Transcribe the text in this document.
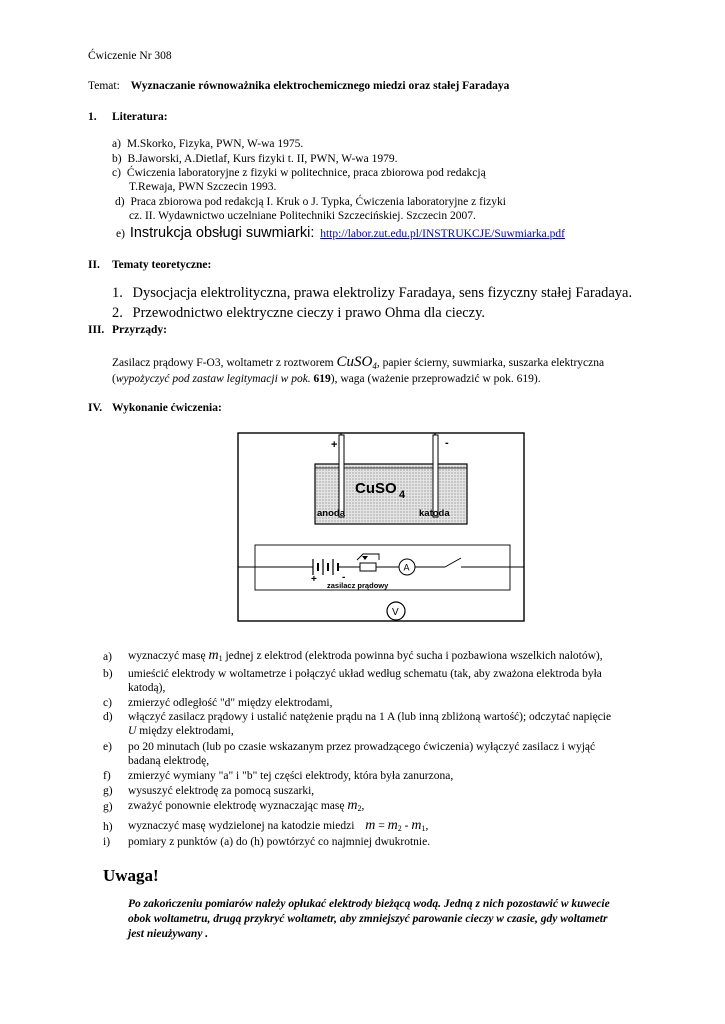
Ćwiczenie Nr 308
Temat: Wyznaczanie równoważnika elektrochemicznego miedzi oraz stałej Faradaya
1. Literatura:
a) M.Skorko, Fizyka, PWN, W-wa 1975.
b) B.Jaworski, A.Dietlaf, Kurs fizyki t. II, PWN, W-wa 1979.
c) Ćwiczenia laboratoryjne z fizyki w politechnice, praca zbiorowa pod redakcją
T.Rewaja, PWN Szczecin 1993.
d) Praca zbiorowa pod redakcją I. Kruk o J. Typka, Ćwiczenia laboratoryjne z fizyki
cz. II. Wydawnictwo uczelniane Politechniki Szczecińskiej. Szczecin 2007.
e) Instrukcja obsługi suwmiarki: http://labor.zut.edu.pl/INSTRUKCJE/Suwmiarka.pdf
II. Tematy teoretyczne:
1. Dysocjacja elektrolityczna, prawa elektrolizy Faradaya, sens fizyczny stałej Faradaya.
2. Przewodnictwo elektryczne cieczy i prawo Ohma dla cieczy.
III. Przyrządy:
Zasilacz prądowy F-O3, woltametr z roztworem CuSO$_4$, papier ścierny, suwmiarka, suszarka elektryczna
(wypożyczyć pod zastaw legitymacji w pok. 619), waga (ważenie przeprowadzić w pok. 619).
IV. Wykonanie ćwiczenia:
+	-
CuSO 4
anoda	katoda
A
+	-
zasilacz prądowy
V
a) wyznaczyć masę $m_1$ jednej z elektrod (elektroda powinna być sucha i pozbawiona wszelkich nalotów),
b) umieścić elektrody w woltametrze i połączyć układ według schematu (tak, aby zważona elektroda była
katodą),
c) zmierzyć odległość "d" między elektrodami,
d) włączyć zasilacz prądowy i ustalić natężenie prądu na 1 A (lub inną zbliżoną wartość); odczytać napięcie
U między elektrodami,
e) po 20 minutach (lub po czasie wskazanym przez prowadzącego ćwiczenia) wyłączyć zasilacz i wyjąć
badaną elektrodę,
f) zmierzyć wymiany "a" i "b" tej części elektrody, która była zanurzona,
g) wysuszyć elektrodę za pomocą suszarki,
g) zważyć ponownie elektrodę wyznaczając masę $m_2$,
h) wyznaczyć masę wydzielonej na katodzie miedzi $m = m_2 - m_1$,
i) pomiary z punktów (a) do (h) powtórzyć co najmniej dwukrotnie.
Uwaga!
Po zakończeniu pomiarów należy opłukać elektrody bieżącą wodą. Jedną z nich pozostawić w kuwecie
obok woltametru, drugą przykryć woltametr, aby zmniejszyć parowanie cieczy w czasie, gdy woltametr
jest nieużywany .
